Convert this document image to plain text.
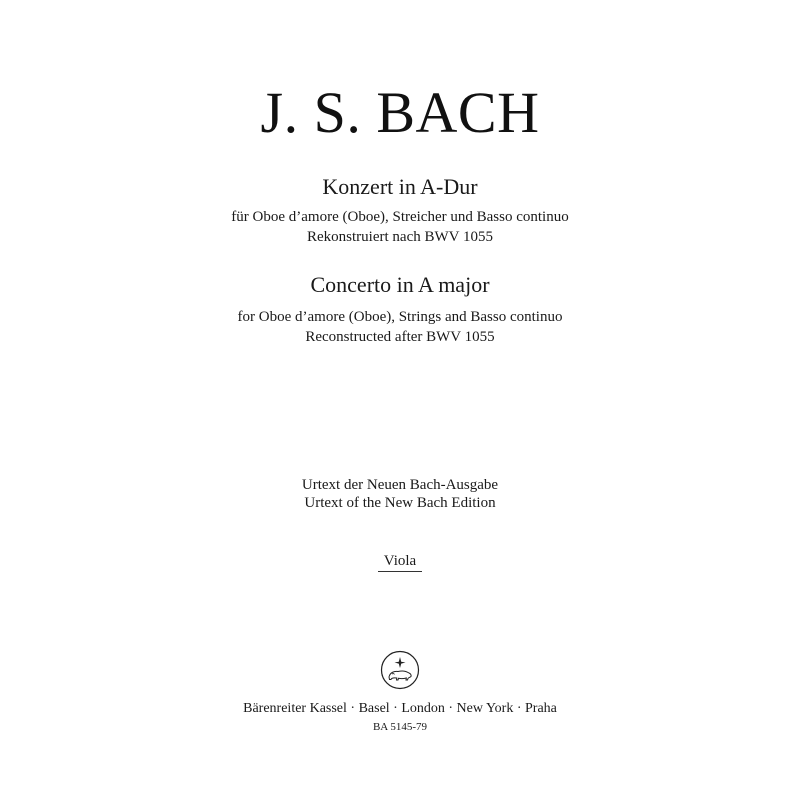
J. S. BACH
Konzert in A-Dur
für Oboe d’amore (Oboe), Streicher und Basso continuo
Rekonstruiert nach BWV 1055
Concerto in A major
for Oboe d’amore (Oboe), Strings and Basso continuo
Reconstructed after BWV 1055
Urtext der Neuen Bach-Ausgabe
Urtext of the New Bach Edition
Viola
Bärenreiter Kassel · Basel · London · New York · Praha
BA 5145-79
